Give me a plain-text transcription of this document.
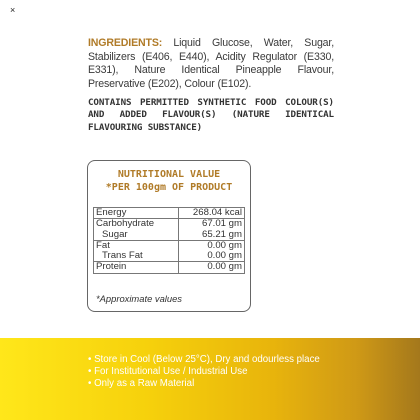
×
INGREDIENTS: Liquid Glucose, Water, Sugar, Stabilizers (E406, E440), Acidity Regulator (E330, E331), Nature Identical Pineapple Flavour, Preservative (E202), Colour (E102).
CONTAINS PERMITTED SYNTHETIC FOOD COLOUR(S) AND ADDED FLAVOUR(S) (NATURE IDENTICAL FLAVOURING SUBSTANCE)
NUTRITIONAL VALUE
*PER 100gm OF PRODUCT
Energy	268.04 kcal
Carbohydrate	67.01 gm
Sugar	65.21 gm
Fat	0.00 gm
Trans Fat	0.00 gm
Protein	0.00 gm
*Approximate values
• Store in Cool (Below 25°C), Dry and odourless place
• For Institutional Use / Industrial Use
• Only as a Raw Material
